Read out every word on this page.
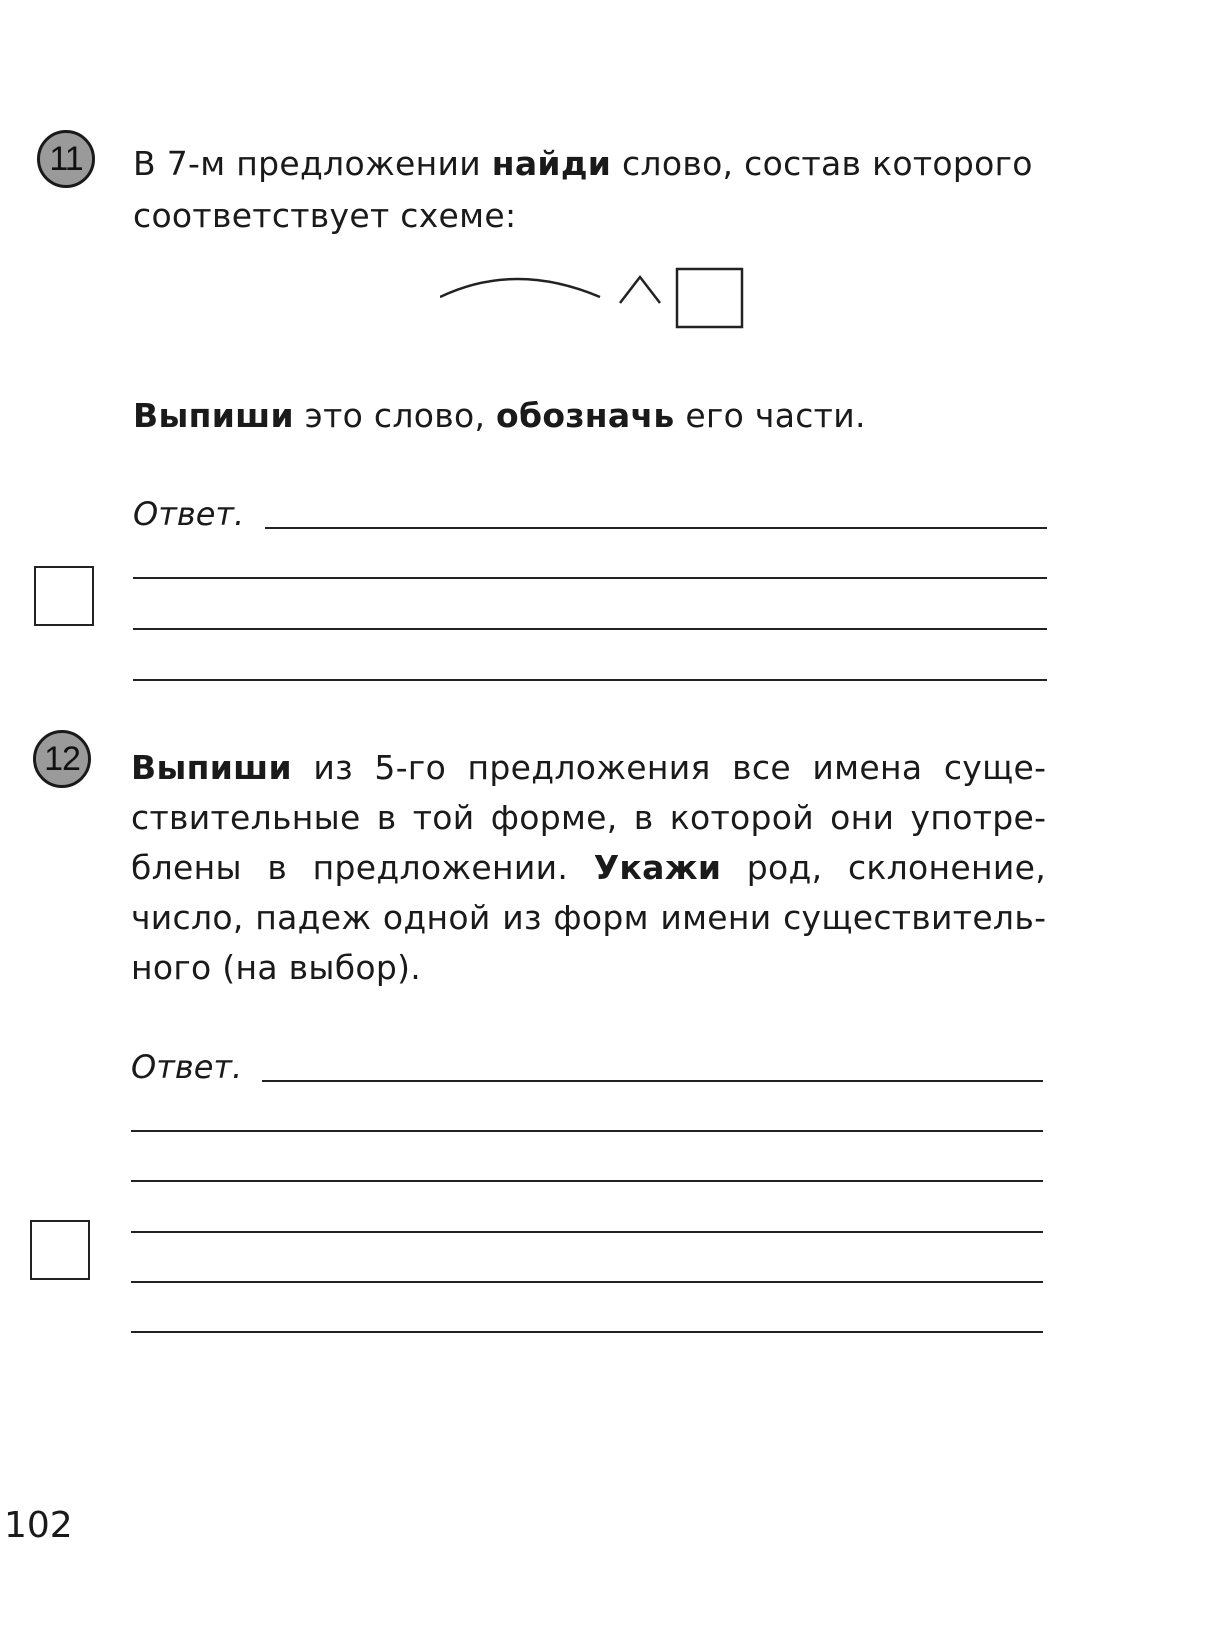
11 В 7-м предложении найди слово, состав которого
соответствует схеме:
Выпиши это слово, обозначь его части.
Ответ.
12 Выпиши из 5-го предложения все имена существительные в той форме, в которой они употреблены в предложении. Укажи род, склонение, число, падеж одной из форм имени существительного (на выбор).
Ответ.
102
